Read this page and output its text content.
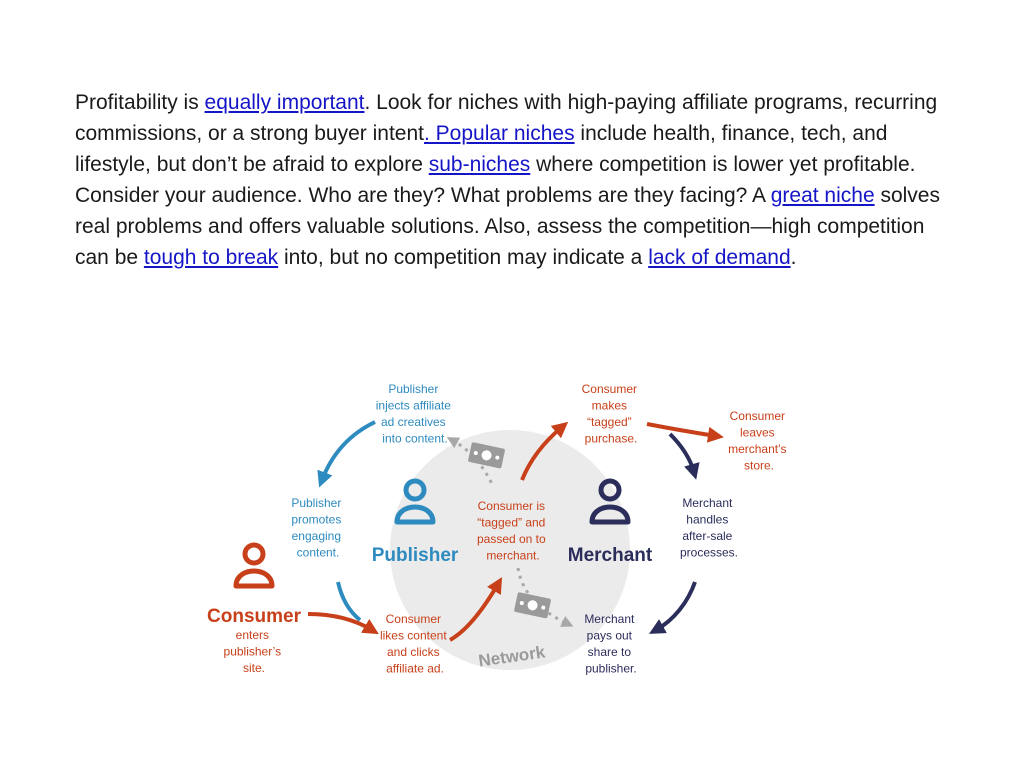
Profitability is equally important. Look for niches with high-paying affiliate programs, recurring commissions, or a strong buyer intent. Popular niches include health, finance, tech, and lifestyle, but don’t be afraid to explore sub-niches where competition is lower yet profitable.

Consider your audience. Who are they? What problems are they facing? A great niche solves real problems and offers valuable solutions. Also, assess the competition—high competition can be tough to break into, but no competition may indicate a lack of demand.

Network
Publisher	Merchant
Consumer
Publisher injects affiliate ad creatives into content.
Publisher promotes engaging content.
enters publisher’s site.
Consumer likes content and clicks affiliate ad.
Consumer is “tagged” and passed on to merchant.
Consumer makes “tagged” purchase.
Consumer leaves merchant’s store.
Merchant handles after-sale processes.
Merchant pays out share to publisher.
